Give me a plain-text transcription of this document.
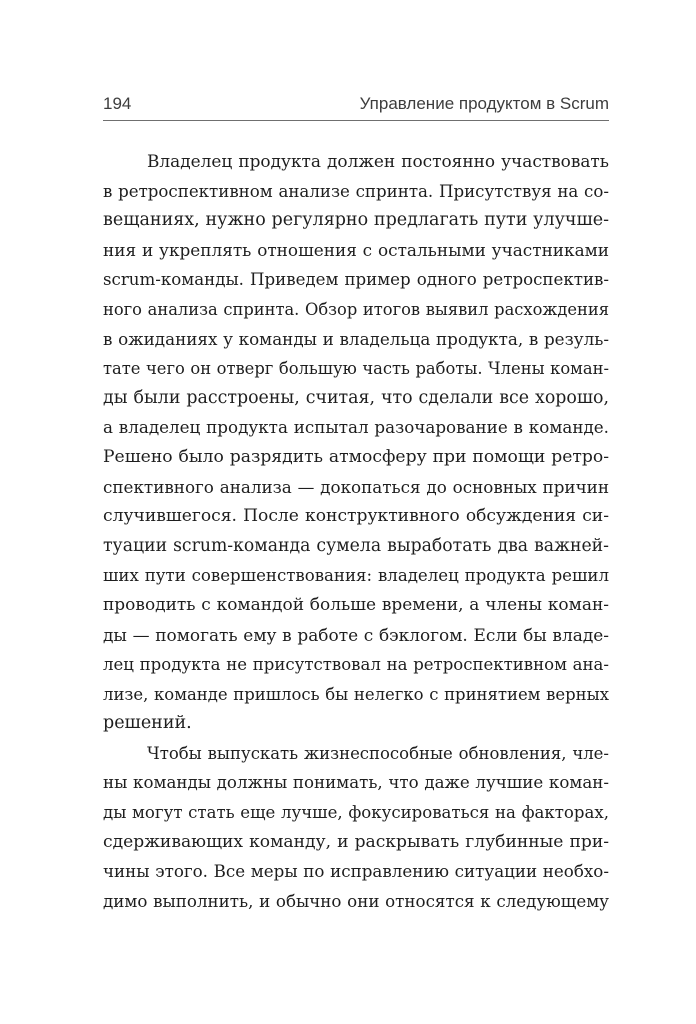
194	Управление продуктом в Scrum
Владелец продукта должен постоянно участвовать
в ретроспективном анализе спринта. Присутствуя на со-
вещаниях, нужно регулярно предлагать пути улучше-
ния и укреплять отношения с остальными участниками
scrum-команды. Приведем пример одного ретроспектив-
ного анализа спринта. Обзор итогов выявил расхождения
в ожиданиях у команды и владельца продукта, в резуль-
тате чего он отверг большую часть работы. Члены коман-
ды были расстроены, считая, что сделали все хорошо,
а владелец продукта испытал разочарование в команде.
Решено было разрядить атмосферу при помощи ретро-
спективного анализа — докопаться до основных причин
случившегося. После конструктивного обсуждения си-
туации scrum-команда сумела выработать два важней-
ших пути совершенствования: владелец продукта решил
проводить с командой больше времени, а члены коман-
ды — помогать ему в работе с бэклогом. Если бы владе-
лец продукта не присутствовал на ретроспективном ана-
лизе, команде пришлось бы нелегко с принятием верных
решений.
Чтобы выпускать жизнеспособные обновления, чле-
ны команды должны понимать, что даже лучшие коман-
ды могут стать еще лучше, фокусироваться на факторах,
сдерживающих команду, и раскрывать глубинные при-
чины этого. Все меры по исправлению ситуации необхо-
димо выполнить, и обычно они относятся к следующему
